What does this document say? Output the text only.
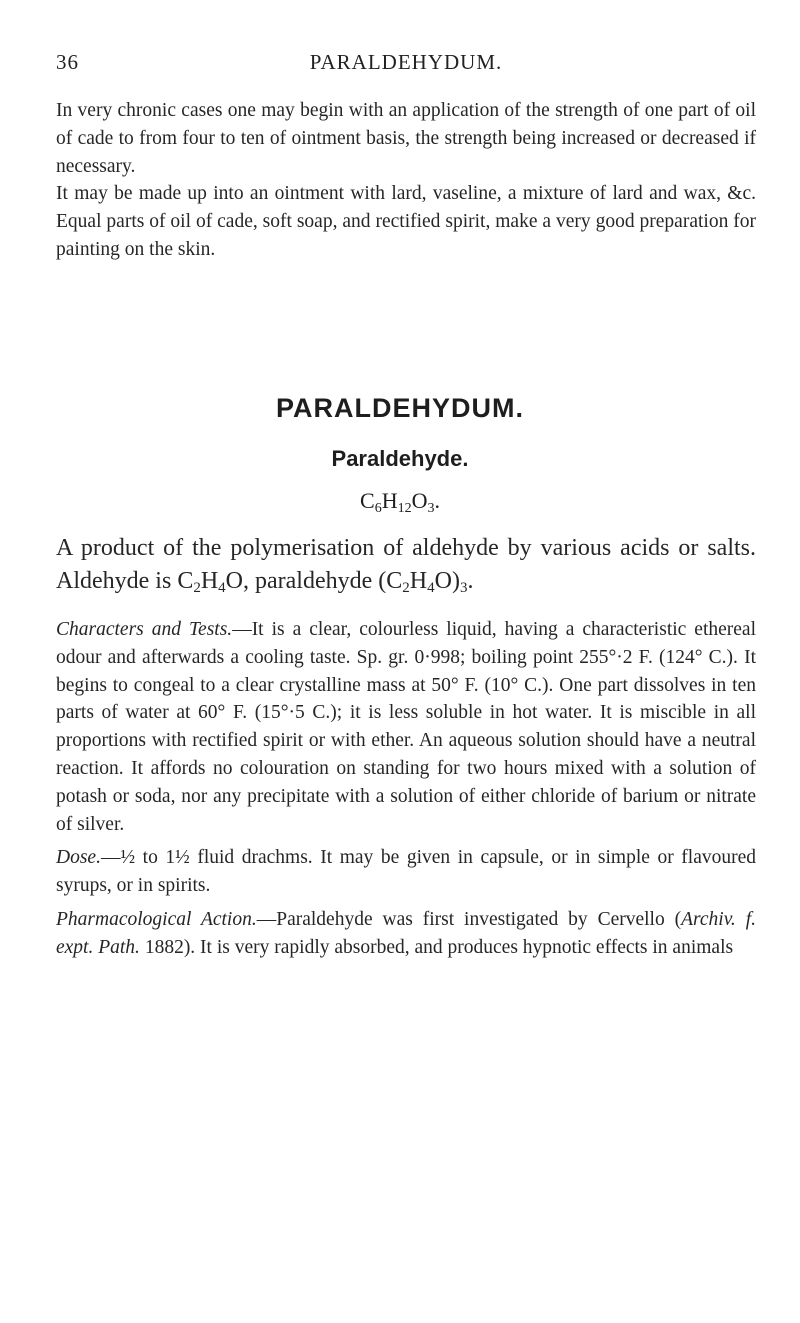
36	PARALDEHYDUM.

In very chronic cases one may begin with an application of the strength of one part of oil of cade to from four to ten of ointment basis, the strength being increased or decreased if necessary.

It may be made up into an ointment with lard, vaseline, a mixture of lard and wax, &c. Equal parts of oil of cade, soft soap, and rectified spirit, make a very good preparation for painting on the skin.

PARALDEHYDUM.
Paraldehyde.
$C_6H_{12}O_3$.

A product of the polymerisation of aldehyde by various acids or salts. Aldehyde is $C_2H_4O$, paraldehyde $(C_2H_4O)_3$.

Characters and Tests.—It is a clear, colourless liquid, having a characteristic ethereal odour and afterwards a cooling taste. Sp. gr. 0·998; boiling point 255°·2 F. (124° C.). It begins to congeal to a clear crystalline mass at 50° F. (10° C.). One part dissolves in ten parts of water at 60° F. (15°·5 C.); it is less soluble in hot water. It is miscible in all proportions with rectified spirit or with ether. An aqueous solution should have a neutral reaction. It affords no colouration on standing for two hours mixed with a solution of potash or soda, nor any precipitate with a solution of either chloride of barium or nitrate of silver.

Dose.—½ to 1½ fluid drachms. It may be given in capsule, or in simple or flavoured syrups, or in spirits.

Pharmacological Action.—Paraldehyde was first investigated by Cervello (Archiv. f. expt. Path. 1882). It is very rapidly absorbed, and produces hypnotic effects in animals
